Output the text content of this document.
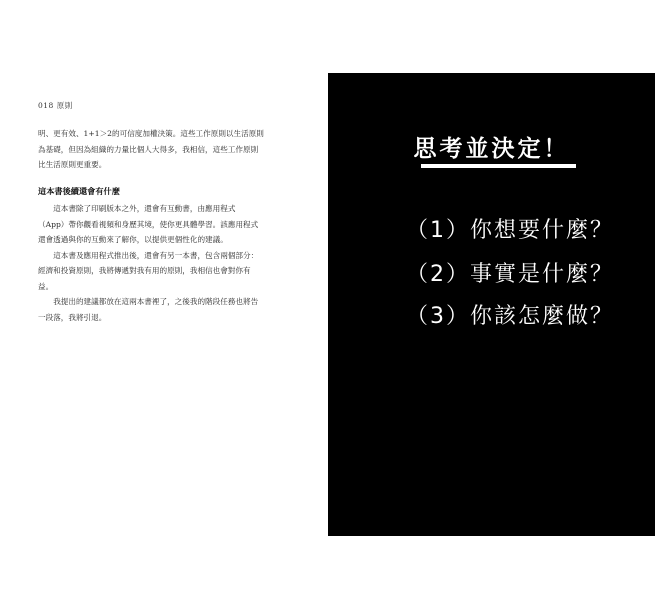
018 原則

明、更有效、1+1＞2的可信度加權決策。這些工作原則以生活原則

為基礎，但因為組織的力量比個人大得多，我相信，這些工作原則

比生活原則更重要。

這本書後續還會有什麼

這本書除了印刷版本之外，還會有互動書，由應用程式

（App）帶你觀看視頻和身歷其境，使你更具體學習。該應用程式

還會透過與你的互動來了解你，以提供更個性化的建議。

這本書及應用程式推出後，還會有另一本書，包含兩個部分：

經濟和投資原則，我將傳遞對我有用的原則，我相信也會對你有

益。

我提出的建議都放在這兩本書裡了，之後我的階段任務也將告

一段落，我將引退。

思考並決定！
（1）你想要什麼？
（2）事實是什麼？
（3）你該怎麼做？
